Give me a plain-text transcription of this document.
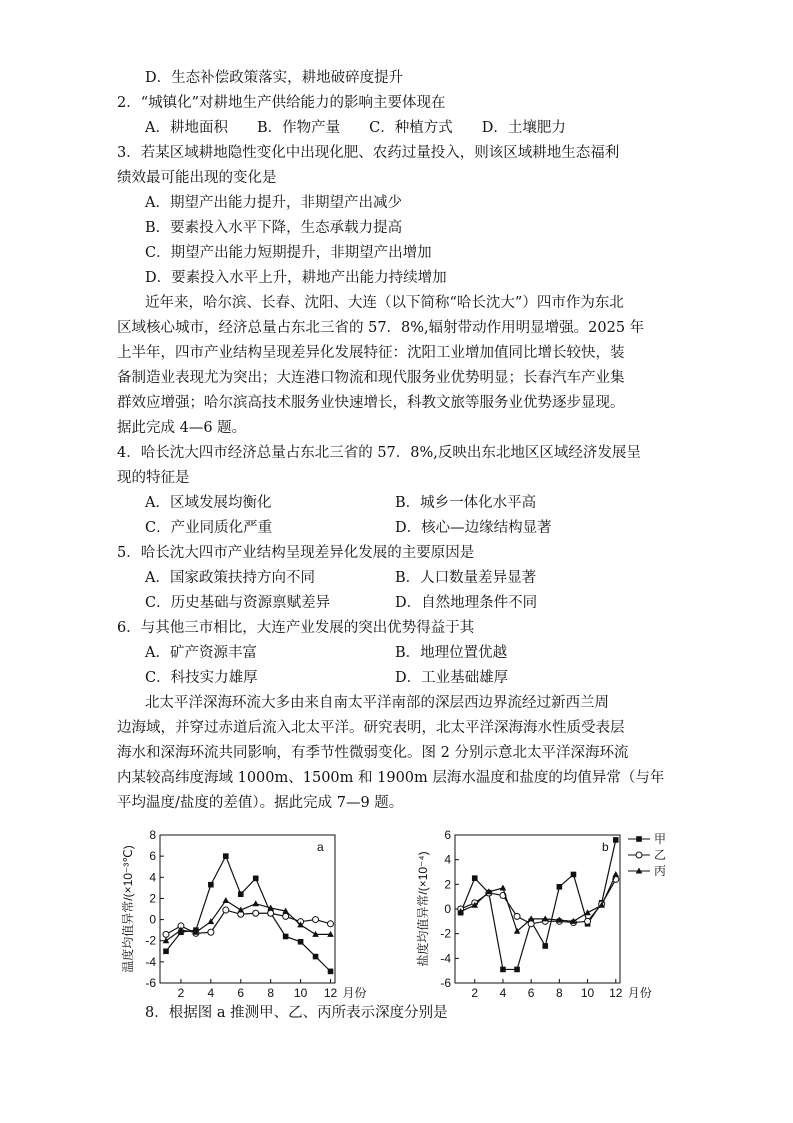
D．生态补偿政策落实，耕地破碎度提升
2．“城镇化”对耕地生产供给能力的影响主要体现在
A．耕地面积　　B．作物产量　　C．种植方式　　D．土壤肥力
3．若某区域耕地隐性变化中出现化肥、农药过量投入，则该区域耕地生态福利
绩效最可能出现的变化是
A．期望产出能力提升，非期望产出减少
B．要素投入水平下降，生态承载力提高
C．期望产出能力短期提升，非期望产出增加
D．要素投入水平上升，耕地产出能力持续增加
近年来，哈尔滨、长春、沈阳、大连（以下简称“哈长沈大”）四市作为东北
区域核心城市，经济总量占东北三省的 57．8%,辐射带动作用明显增强。2025 年
上半年，四市产业结构呈现差异化发展特征：沈阳工业增加值同比增长较快，装
备制造业表现尤为突出；大连港口物流和现代服务业优势明显；长春汽车产业集
群效应增强；哈尔滨高技术服务业快速增长，科教文旅等服务业优势逐步显现。
据此完成 4—6 题。
4．哈长沈大四市经济总量占东北三省的 57．8%,反映出东北地区区域经济发展呈
现的特征是
A．区域发展均衡化	B．城乡一体化水平高
C．产业同质化严重	D．核心—边缘结构显著
5．哈长沈大四市产业结构呈现差异化发展的主要原因是
A．国家政策扶持方向不同	B．人口数量差异显著
C．历史基础与资源禀赋差异	D．自然地理条件不同
6．与其他三市相比，大连产业发展的突出优势得益于其
A．矿产资源丰富	B．地理位置优越
C．科技实力雄厚	D．工业基础雄厚
北太平洋深海环流大多由来自南太平洋南部的深层西边界流经过新西兰周
边海域，并穿过赤道后流入北太平洋。研究表明，北太平洋深海海水性质受表层
海水和深海环流共同影响，有季节性微弱变化。图 2 分别示意北太平洋深海环流
内某较高纬度海域 1000m、1500m 和 1900m 层海水温度和盐度的均值异常（与年
平均温度/盐度的差值）。据此完成 7—9 题。
8．根据图 a 推测甲、乙、丙所表示深度分别是
8
6
4
2
0
-2
-4
-6
2 4 6 8 10 12 月份
温度均值异常/(×10⁻³℃)	a
6
4
2
0
-2
-4
-6
2 4 6 8 10 12 月份
盐度均值异常/(×10⁻⁴)
b
甲
乙
丙
